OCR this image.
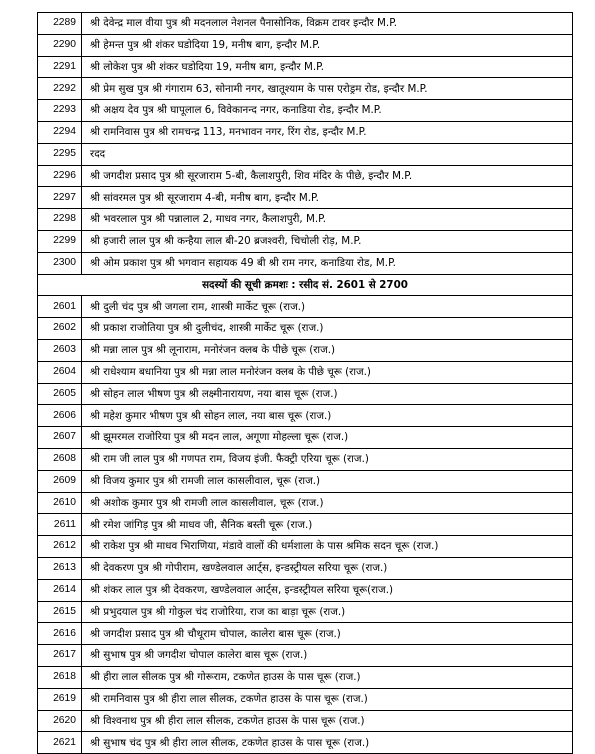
2289	श्री देवेन्द्र माल वीया पुत्र श्री मदनलाल नेशनल पैनासोनिक, विक्रम टावर इन्दौर M.P.
2290	श्री हेमन्त पुत्र श्री शंकर घडोदिया 19, मनीष बाग, इन्दौर M.P.
2291	श्री लोकेश पुत्र श्री शंकर घडोदिया 19, मनीष बाग, इन्दौर M.P.
2292	श्री प्रेम सुख पुत्र श्री गंगाराम 63, सोनामी नगर, खातूश्याम के पास एरोड्रम रोड, इन्दौर M.P.
2293	श्री अक्षय देव पुत्र श्री घापूलाल 6, विवेकानन्द नगर, कनाडिया रोड, इन्दौर M.P.
2294	श्री रामनिवास पुत्र श्री रामचन्द्र 113, मनभावन नगर, रिंग रोड, इन्दौर M.P.
2295	रदद
2296	श्री जगदीश प्रसाद पुत्र श्री सूरजाराम 5-बी, कैलाशपुरी, शिव मंदिर के पीछे, इन्दौर M.P.
2297	श्री सांवरमल पुत्र श्री सूरजाराम 4-बी, मनीष बाग, इन्दौर M.P.
2298	श्री भवरलाल पुत्र श्री पन्नालाल 2, माधव नगर, कैलाशपुरी, M.P.
2299	श्री हजारी लाल पुत्र श्री कन्हैया लाल बी-20 ब्रजश्वरी, चिचोली रोड़, M.P.
2300	श्री ओम प्रकाश पुत्र श्री भगवान सहायक 49 बी श्री राम नगर, कनाडिया रोड, M.P.
सदस्यों की सूची क्रमशः : रसीद सं. 2601 से 2700	
2601	श्री दुली चंद पुत्र श्री जगला राम, शास्त्री मार्केट चूरू (राज.)
2602	श्री प्रकाश राजोतिया पुत्र श्री दुलीचंद, शास्त्री मार्केट चूरू (राज.)
2603	श्री मन्ना लाल पुत्र श्री लूनाराम, मनोरंजन क्लब के पीछे चूरू (राज.)
2604	श्री राधेश्याम बधानिया पुत्र श्री मन्ना लाल मनोरंजन क्लब के पीछे चूरू (राज.)
2605	श्री सोहन लाल भीषण पुत्र श्री लक्ष्मीनारायण, नया बास चूरू (राज.)
2606	श्री महेश कुमार भीषण पुत्र श्री सोहन लाल, नया बास चूरू (राज.)
2607	श्री झूमरमल राजोरिया पुत्र श्री मदन लाल, अगूणा मोहल्ला चूरू (राज.)
2608	श्री राम जी लाल पुत्र श्री गणपत राम, विजय इंजी. फैक्ट्री एरिया चूरू (राज.)
2609	श्री विजय कुमार पुत्र श्री रामजी लाल कासलीवाल, चूरू (राज.)
2610	श्री अशोक कुमार पुत्र श्री रामजी लाल कासलीवाल, चूरू (राज.)
2611	श्री रमेश जांगिड़ पुत्र श्री माधव जी, सैनिक बस्ती चूरू (राज.)
2612	श्री राकेश पुत्र श्री माधव भिराणिया, मंडावे वालों की धर्मशाला के पास श्रमिक सदन चूरू (राज.)
2613	श्री देवकरण पुत्र श्री गोपीराम, खण्डेलवाल आर्ट्स, इन्डस्ट्रीयल सरिया चूरू (राज.)
2614	श्री शंकर लाल पुत्र श्री देवकरण, खण्डेलवाल आर्ट्स, इन्डस्ट्रीयल सरिया चूरू(राज.)
2615	श्री प्रभुदयाल पुत्र श्री गोकुल चंद राजोरिया, राज का बाड़ा चूरू (राज.)
2616	श्री जगदीश प्रसाद पुत्र श्री चौथूराम चोपाल, कालेरा बास चूरू (राज.)
2617	श्री सुभाष पुत्र श्री जगदीश चोपाल कालेरा बास चूरू (राज.)
2618	श्री हीरा लाल सीलक पुत्र श्री गोरूराम, टकणेत हाउस के पास चूरू (राज.)
2619	श्री रामनिवास पुत्र श्री हीरा लाल सीलक, टकणेत हाउस के पास चूरू (राज.)
2620	श्री विश्वनाथ पुत्र श्री हीरा लाल सीलक, टकणेत हाउस के पास चूरू (राज.)
2621	श्री सुभाष चंद पुत्र श्री हीरा लाल सीलक, टकणेत हाउस के पास चूरू (राज.)
